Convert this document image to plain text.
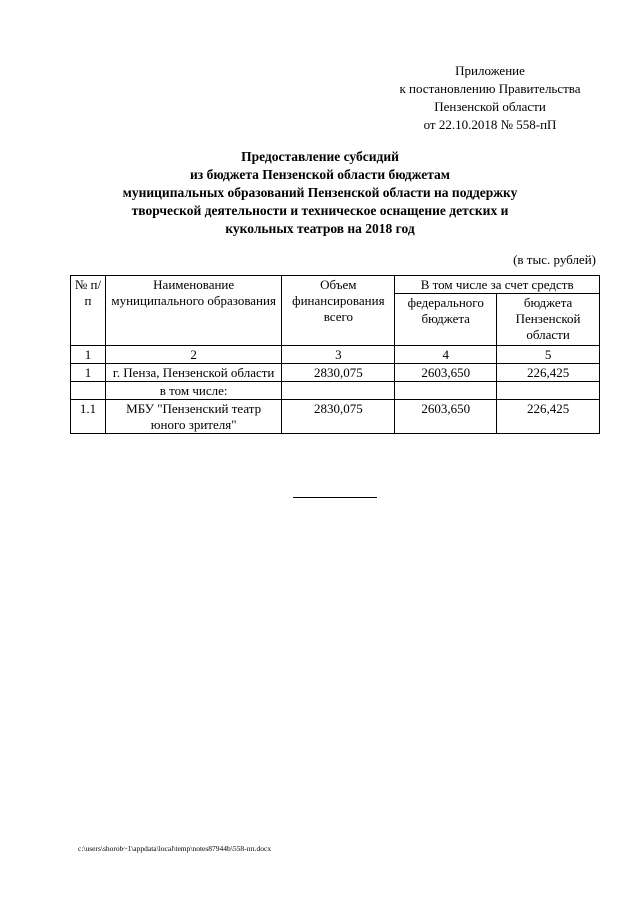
Приложение
к постановлению Правительства
Пензенской области
от 22.10.2018 № 558-пП
Предоставление субсидий
из бюджета Пензенской области бюджетам
муниципальных образований Пензенской области на поддержку
творческой деятельности и техническое оснащение детских и
кукольных театров на 2018 год
(в тыс. рублей)
№ п/п	Наименование муниципального образования	Объем финансирования всего	В том числе за счет средств	
			федерального бюджета	бюджета Пензенской области
1	2	3	4	5
1	г. Пенза, Пензенской области	2830,075	2603,650	226,425
	в том числе:			
1.1	МБУ "Пензенский театр юного зрителя"	2830,075	2603,650	226,425
c:\users\shorob~1\appdata\local\temp\notes87944b\558-пп.docx
